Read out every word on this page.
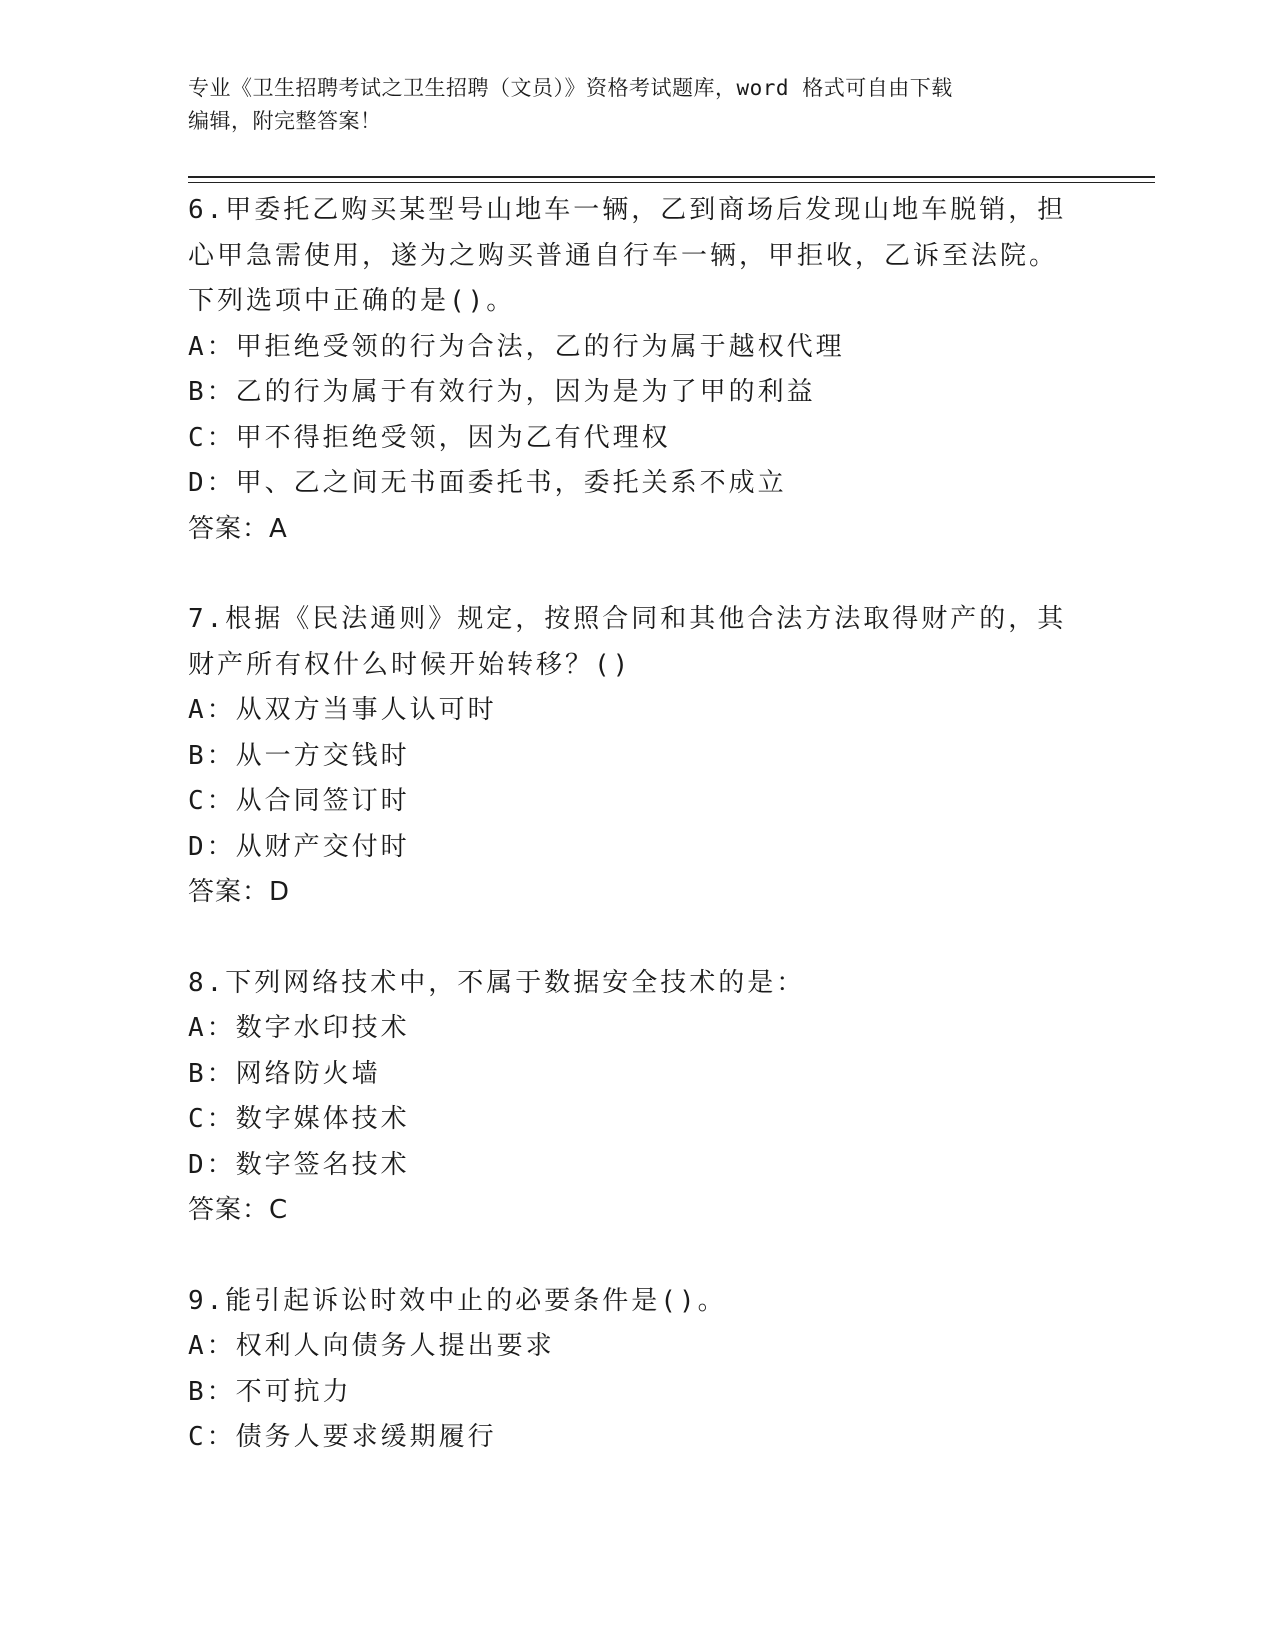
专业《卫生招聘考试之卫生招聘（文员）》资格考试题库，word 格式可自由下载
编辑，附完整答案！
6.甲委托乙购买某型号山地车一辆，乙到商场后发现山地车脱销，担
心甲急需使用，遂为之购买普通自行车一辆，甲拒收，乙诉至法院。
下列选项中正确的是()。
A：甲拒绝受领的行为合法，乙的行为属于越权代理
B：乙的行为属于有效行为，因为是为了甲的利益
C：甲不得拒绝受领，因为乙有代理权
D：甲、乙之间无书面委托书，委托关系不成立
答案：A
7.根据《民法通则》规定，按照合同和其他合法方法取得财产的，其
财产所有权什么时候开始转移？()
A：从双方当事人认可时
B：从一方交钱时
C：从合同签订时
D：从财产交付时
答案：D
8.下列网络技术中，不属于数据安全技术的是：
A：数字水印技术
B：网络防火墙
C：数字媒体技术
D：数字签名技术
答案：C
9.能引起诉讼时效中止的必要条件是()。
A：权利人向债务人提出要求
B：不可抗力
C：债务人要求缓期履行
